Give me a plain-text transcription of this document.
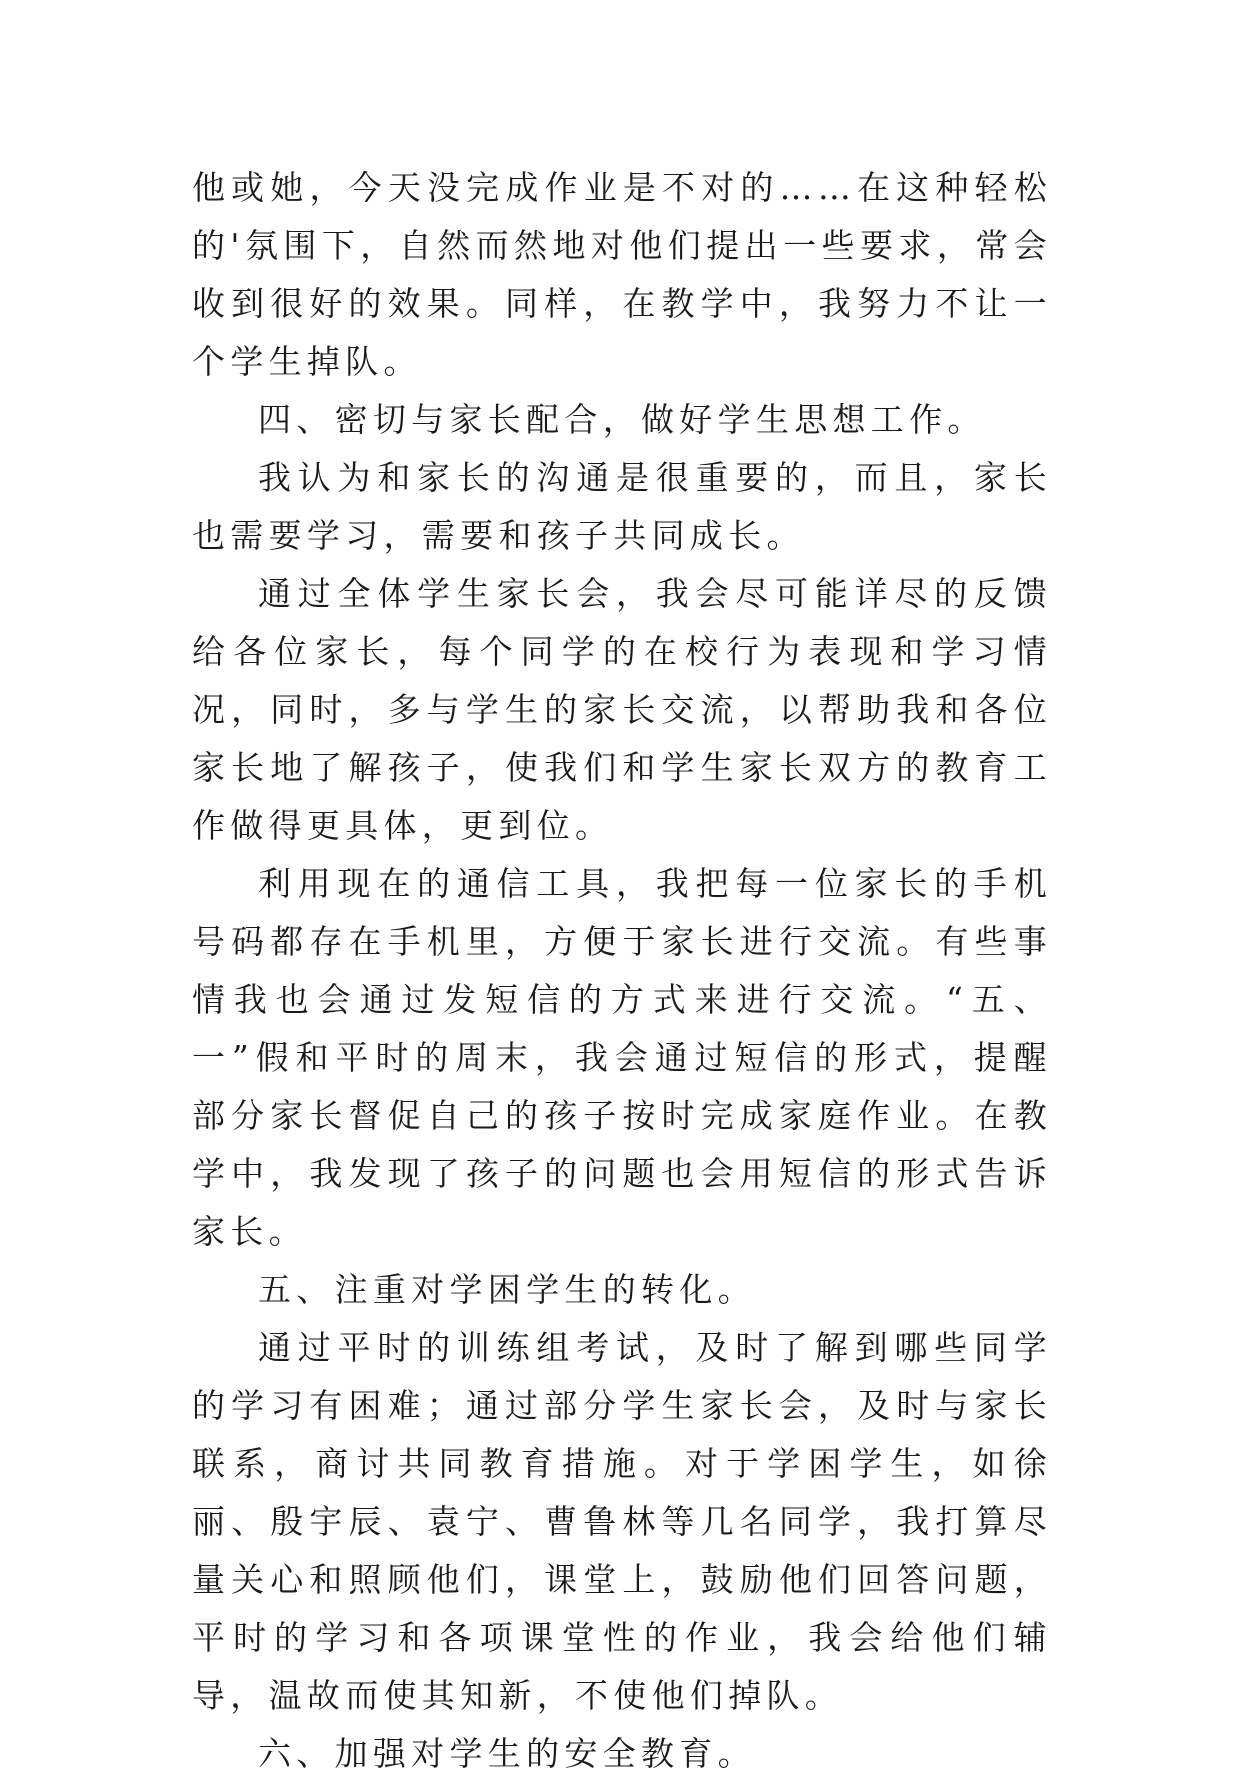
他或她，今天没完成作业是不对的……在这种轻松的'氛围下，自然而然地对他们提出一些要求，常会收到很好的效果。同样，在教学中，我努力不让一个学生掉队。

四、密切与家长配合，做好学生思想工作。

我认为和家长的沟通是很重要的，而且，家长也需要学习，需要和孩子共同成长。

通过全体学生家长会，我会尽可能详尽的反馈给各位家长，每个同学的在校行为表现和学习情况，同时，多与学生的家长交流，以帮助我和各位家长地了解孩子，使我们和学生家长双方的教育工作做得更具体，更到位。

利用现在的通信工具，我把每一位家长的手机号码都存在手机里，方便于家长进行交流。有些事情我也会通过发短信的方式来进行交流。“五、一”假和平时的周末，我会通过短信的形式，提醒部分家长督促自己的孩子按时完成家庭作业。在教学中，我发现了孩子的问题也会用短信的形式告诉家长。

五、注重对学困学生的转化。

通过平时的训练组考试，及时了解到哪些同学的学习有困难；通过部分学生家长会，及时与家长联系，商讨共同教育措施。对于学困学生，如徐丽、殷宇辰、袁宁、曹鲁林等几名同学，我打算尽量关心和照顾他们，课堂上，鼓励他们回答问题，平时的学习和各项课堂性的作业，我会给他们辅导，温故而使其知新，不使他们掉队。

六、加强对学生的安全教育。
